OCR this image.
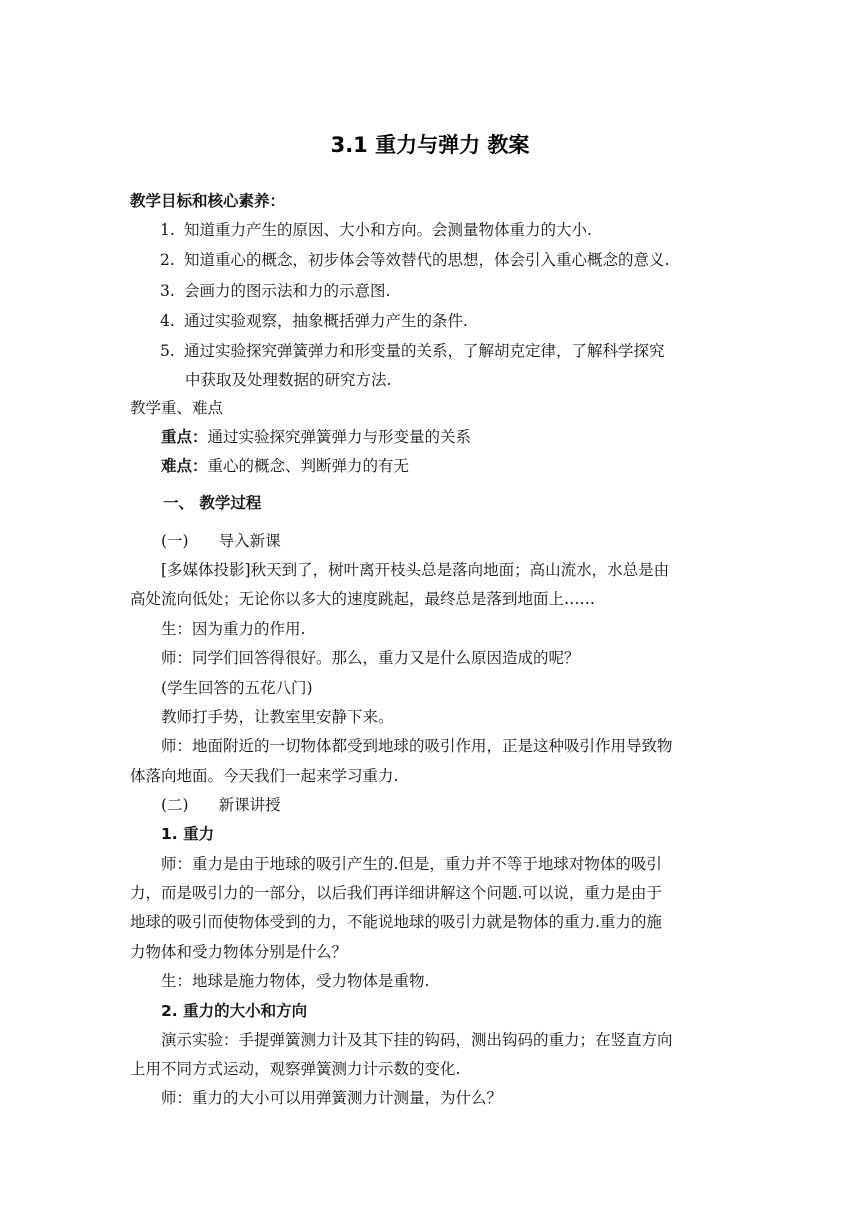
3.1 重力与弹力 教案
教学目标和核心素养：
1. 知道重力产生的原因、大小和方向。会测量物体重力的大小.
2. 知道重心的概念，初步体会等效替代的思想，体会引入重心概念的意义.
3. 会画力的图示法和力的示意图.
4. 通过实验观察，抽象概括弹力产生的条件.
5. 通过实验探究弹簧弹力和形变量的关系，了解胡克定律，了解科学探究
中获取及处理数据的研究方法.
教学重、难点
重点：通过实验探究弹簧弹力与形变量的关系
难点：重心的概念、判断弹力的有无
一、 教学过程
(一) 导入新课
[多媒体投影]秋天到了，树叶离开枝头总是落向地面；高山流水，水总是由
高处流向低处；无论你以多大的速度跳起，最终总是落到地面上……
生：因为重力的作用.
师：同学们回答得很好。那么，重力又是什么原因造成的呢？
(学生回答的五花八门)
教师打手势，让教室里安静下来。
师：地面附近的一切物体都受到地球的吸引作用，正是这种吸引作用导致物
体落向地面。今天我们一起来学习重力.
(二) 新课讲授
1. 重力
师：重力是由于地球的吸引产生的.但是，重力并不等于地球对物体的吸引
力，而是吸引力的一部分，以后我们再详细讲解这个问题.可以说，重力是由于
地球的吸引而使物体受到的力，不能说地球的吸引力就是物体的重力.重力的施
力物体和受力物体分别是什么？
生：地球是施力物体，受力物体是重物.
2. 重力的大小和方向
演示实验：手提弹簧测力计及其下挂的钩码，测出钩码的重力；在竖直方向
上用不同方式运动，观察弹簧测力计示数的变化.
师：重力的大小可以用弹簧测力计测量，为什么？
